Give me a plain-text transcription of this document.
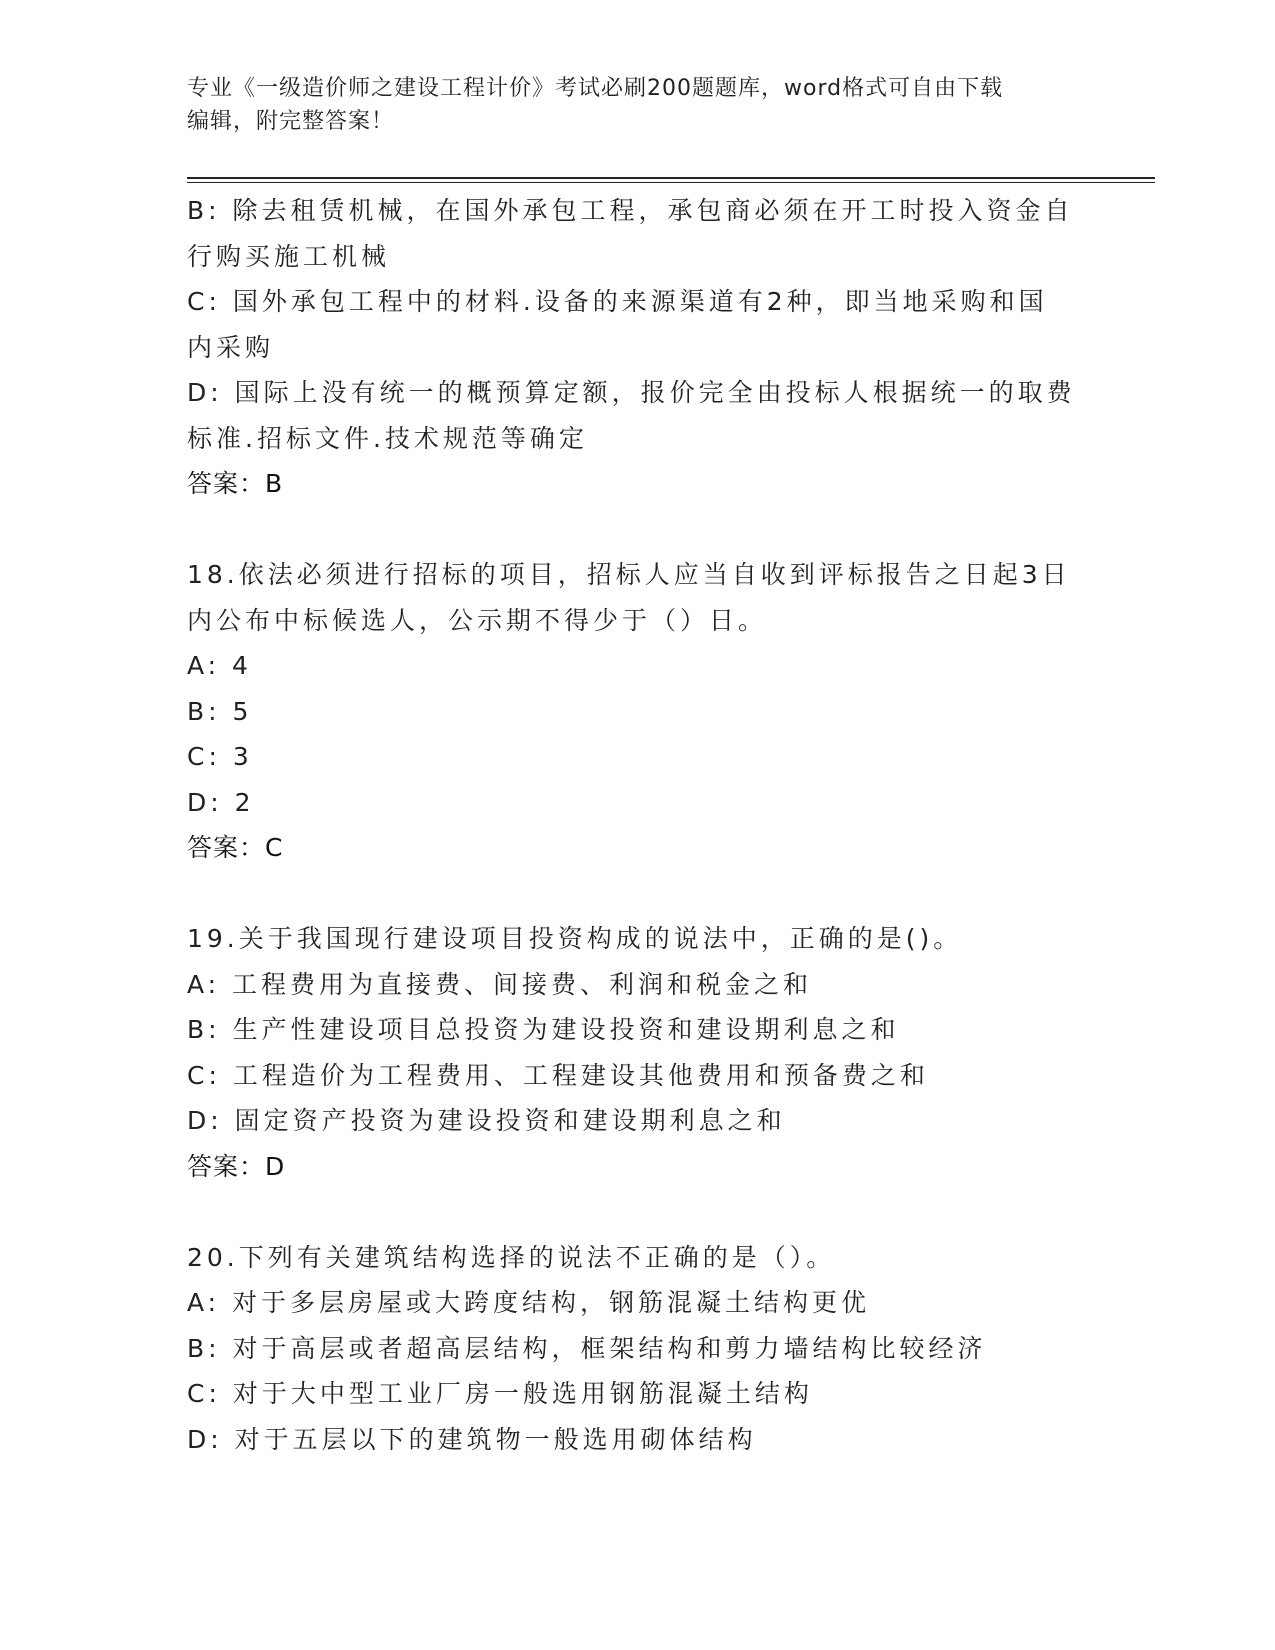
专业《一级造价师之建设工程计价》考试必刷200题题库，word格式可自由下载
编辑，附完整答案！
B: 除去租赁机械，在国外承包工程，承包商必须在开工时投入资金自
行购买施工机械
C: 国外承包工程中的材料.设备的来源渠道有2种，即当地采购和国
内采购
D: 国际上没有统一的概预算定额，报价完全由投标人根据统一的取费
标准.招标文件.技术规范等确定
答案：B
18.依法必须进行招标的项目，招标人应当自收到评标报告之日起3日
内公布中标候选人，公示期不得少于（）日。
A: 4
B: 5
C: 3
D: 2
答案：C
19.关于我国现行建设项目投资构成的说法中，正确的是()。
A: 工程费用为直接费、间接费、利润和税金之和
B: 生产性建设项目总投资为建设投资和建设期利息之和
C: 工程造价为工程费用、工程建设其他费用和预备费之和
D: 固定资产投资为建设投资和建设期利息之和
答案：D
20.下列有关建筑结构选择的说法不正确的是（）。
A: 对于多层房屋或大跨度结构，钢筋混凝土结构更优
B: 对于高层或者超高层结构，框架结构和剪力墙结构比较经济
C: 对于大中型工业厂房一般选用钢筋混凝土结构
D: 对于五层以下的建筑物一般选用砌体结构
